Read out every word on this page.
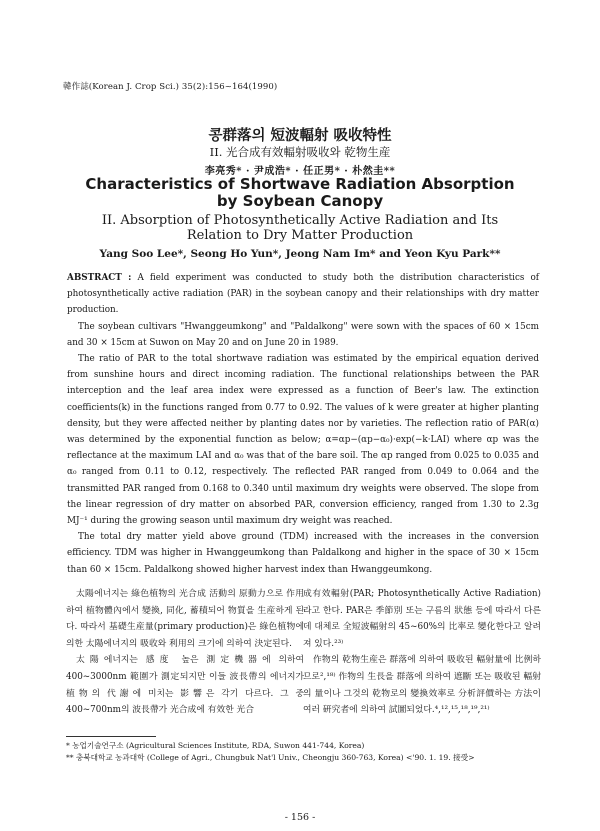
韓作誌(Korean J. Crop Sci.) 35(2):156~164(1990)
콩群落의 短波輻射 吸收特性
II. 光合成有效輻射吸收와 乾物生産
李亮秀* · 尹成浩* · 任正男* · 朴然圭**
Characteristics of Shortwave Radiation Absorption
by Soybean Canopy
II. Absorption of Photosynthetically Active Radiation and Its
Relation to Dry Matter Production
Yang Soo Lee*, Seong Ho Yun*, Jeong Nam Im* and Yeon Kyu Park**

ABSTRACT : A field experiment was conducted to study both the distribution characteristics of photosynthetically active radiation (PAR) in the soybean canopy and their relationships with dry matter production.

The soybean cultivars "Hwanggeumkong" and "Paldalkong" were sown with the spaces of 60 × 15cm and 30 × 15cm at Suwon on May 20 and on June 20 in 1989.

The ratio of PAR to the total shortwave radiation was estimated by the empirical equation derived from sunshine hours and direct incoming radiation. The functional relationships between the PAR interception and the leaf area index were expressed as a function of Beer's law. The extinction coefficients(k) in the functions ranged from 0.77 to 0.92. The values of k were greater at higher planting density, but they were affected neither by planting dates nor by varieties. The reflection ratio of PAR(α) was determined by the exponential function as below; α=αp−(αp−α₀)·exp(−k·LAI) where αp was the reflectance at the maximum LAI and α₀ was that of the bare soil. The αp ranged from 0.025 to 0.035 and α₀ ranged from 0.11 to 0.12, respectively. The reflected PAR ranged from 0.049 to 0.064 and the transmitted PAR ranged from 0.168 to 0.340 until maximum dry weights were observed. The slope from the linear regression of dry matter on absorbed PAR, conversion efficiency, ranged from 1.30 to 2.3g MJ⁻¹ during the growing season until maximum dry weight was reached.

The total dry matter yield above ground (TDM) increased with the increases in the conversion efficiency. TDM was higher in Hwanggeumkong than Paldalkong and higher in the space of 30 × 15cm than 60 × 15cm. Paldalkong showed higher harvest index than Hwanggeumkong.

太陽에너지는 綠色植物의 光合成 活動의 原動力으로 作用하여 植物體內에서 變換, 同化, 蓄積되어 物質을 生産하게 된다. 따라서 基礎生産量(primary production)은 綠色植物에 의한 太陽에너지의 吸收와 利用의 크기에 의하여 決定된다.

太陽에너지는 感度 높은 測定機器에 의하여 400~3000nm 範圍가 測定되지만 이들 波長帶의 에너지가 植物의 代謝에 미치는 影響은 각기 다르다. 그 중 400~700nm의 波長帶가 光合成에 有效한 光合

成有效輻射(PAR; Photosynthetically Active Radiation)라고 한다. PAR은 季節別 또는 구름의 狀態 등에 따라서 다른데 대체로 全短波輻射의 45~60%의 比率로 變化한다고 알려져 있다.²³⁾

作物의 乾物生産은 群落에 의하여 吸收된 輻射量에 比例하므로²,¹⁸⁾ 作物의 生長을 群落에 의하여 遮斷 또는 吸收된 輻射의 量이나 그것의 乾物로의 變換效率로 分析評價하는 方法이 여러 硏究者에 의하여 試圖되었다.⁴,¹²,¹⁵,¹⁸,¹⁹,²¹⁾

* 농업기술연구소 (Agricultural Sciences Institute, RDA, Suwon 441-744, Korea)
** 충북대학교 농과대학 (College of Agri., Chungbuk Nat'l Univ., Cheongju 360-763, Korea) <'90. 1. 19. 接受>
- 156 -
